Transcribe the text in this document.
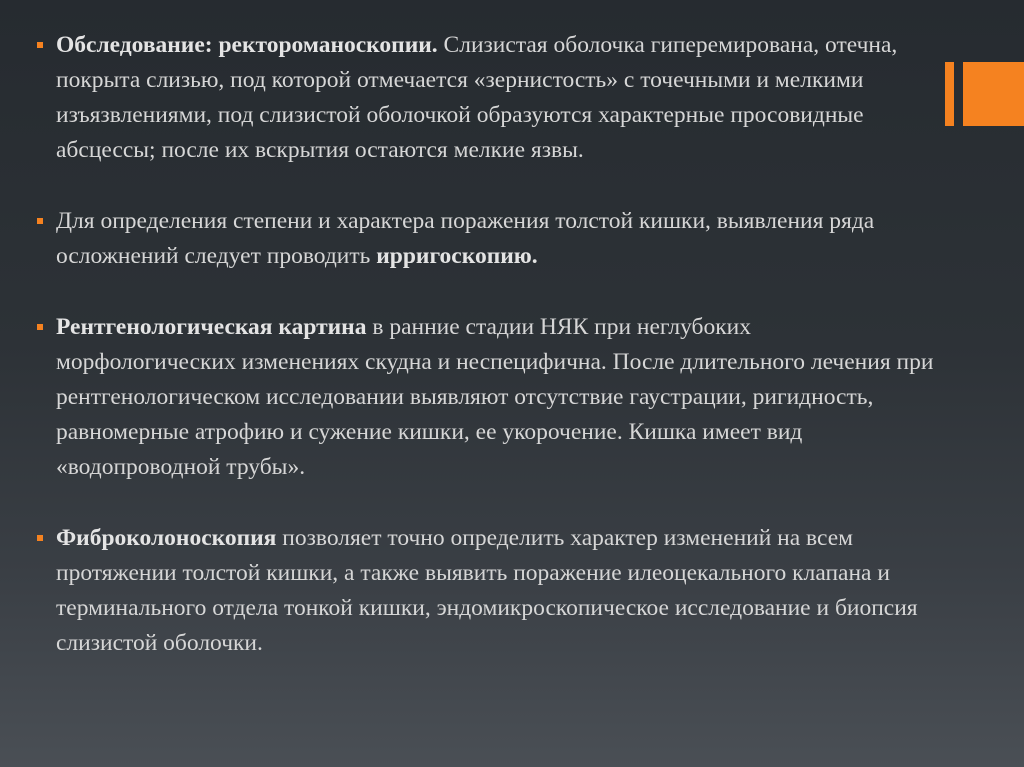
Обследование: ректороманоскопии. Слизистая оболочка гиперемирована, отечна, покрыта слизью, под которой отмечается «зернистость» с точечными и мелкими изъязвлениями, под слизистой оболочкой образуются характерные просовидные абсцессы; после их вскрытия остаются мелкие язвы.

Для определения степени и характера поражения толстой кишки, выявления ряда осложнений следует проводить ирригоскопию.

Рентгенологическая картина в ранние стадии НЯК при неглубоких морфологических изменениях скудна и неспецифична. После длительного лечения при рентгенологическом исследовании выявляют отсутствие гаустрации, ригидность, равномерные атрофию и сужение кишки, ее укорочение. Кишка имеет вид «водопроводной трубы».

Фиброколоноскопия позволяет точно определить характер изменений на всем протяжении толстой кишки, а также выявить поражение илеоцекального клапана и терминального отдела тонкой кишки, эндомикроскопическое исследование и биопсия слизистой оболочки.
